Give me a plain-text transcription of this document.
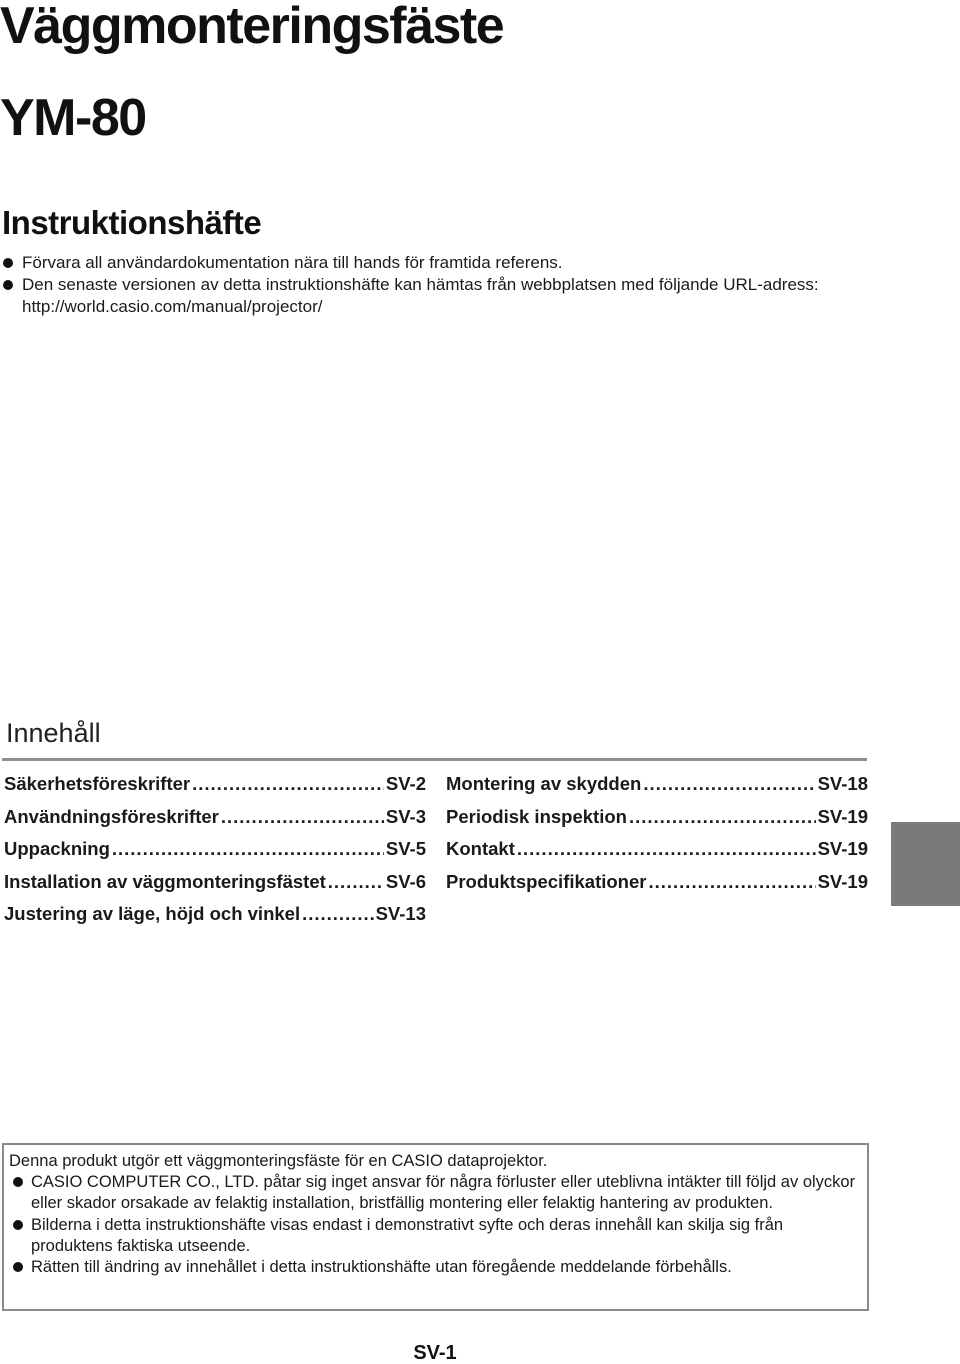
Väggmonteringsfäste
YM-80
Instruktionshäfte
Förvara all användardokumentation nära till hands för framtida referens.
Den senaste versionen av detta instruktionshäfte kan hämtas från webbplatsen med följande URL-adress:
http://world.casio.com/manual/projector/
Innehåll
Säkerhetsföreskrifter .....	SV-2
Användningsföreskrifter .....	SV-3
Uppackning .....	SV-5
Installation av väggmonteringsfästet .....	SV-6
Justering av läge, höjd och vinkel .....	SV-13
Montering av skydden .....	SV-18
Periodisk inspektion .....	SV-19
Kontakt .....	SV-19
Produktspecifikationer .....	SV-19

Denna produkt utgör ett väggmonteringsfäste för en CASIO dataprojektor.

CASIO COMPUTER CO., LTD. påtar sig inget ansvar för några förluster eller uteblivna intäkter till följd av olyckor eller skador orsakade av felaktig installation, bristfällig montering eller felaktig hantering av produkten.
Bilderna i detta instruktionshäfte visas endast i demonstrativt syfte och deras innehåll kan skilja sig från produktens faktiska utseende.
Rätten till ändring av innehållet i detta instruktionshäfte utan föregående meddelande förbehålls.
SV-1
